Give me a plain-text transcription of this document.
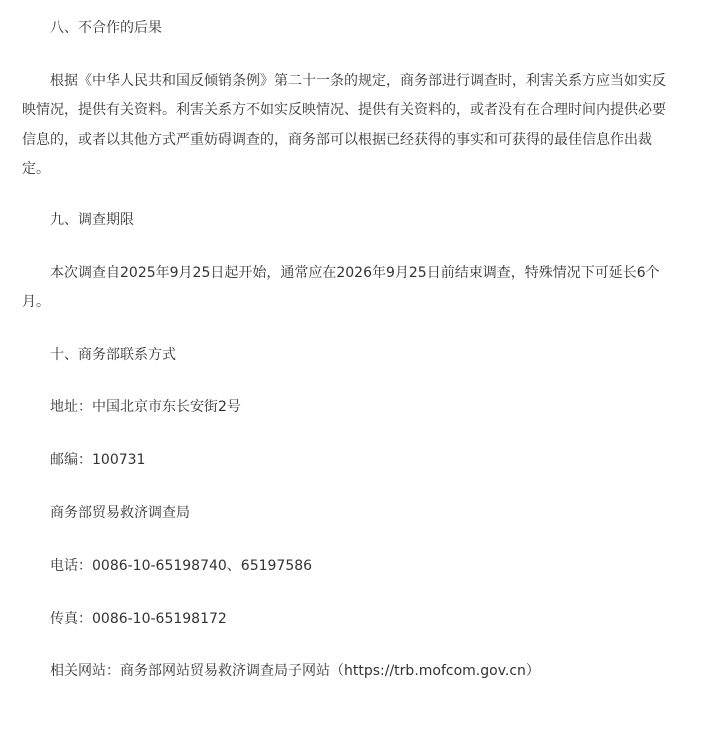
八、不合作的后果

根据《中华人民共和国反倾销条例》第二十一条的规定，商务部进行调查时，利害关系方应当如实反映情况，提供有关资料。利害关系方不如实反映情况、提供有关资料的，或者没有在合理时间内提供必要信息的，或者以其他方式严重妨碍调查的，商务部可以根据已经获得的事实和可获得的最佳信息作出裁定。

九、调查期限

本次调查自2025年9月25日起开始，通常应在2026年9月25日前结束调查，特殊情况下可延长6个月。

十、商务部联系方式

地址：中国北京市东长安街2号

邮编：100731

商务部贸易救济调查局

电话：0086-10-65198740、65197586

传真：0086-10-65198172

相关网站：商务部网站贸易救济调查局子网站（https://trb.mofcom.gov.cn）
